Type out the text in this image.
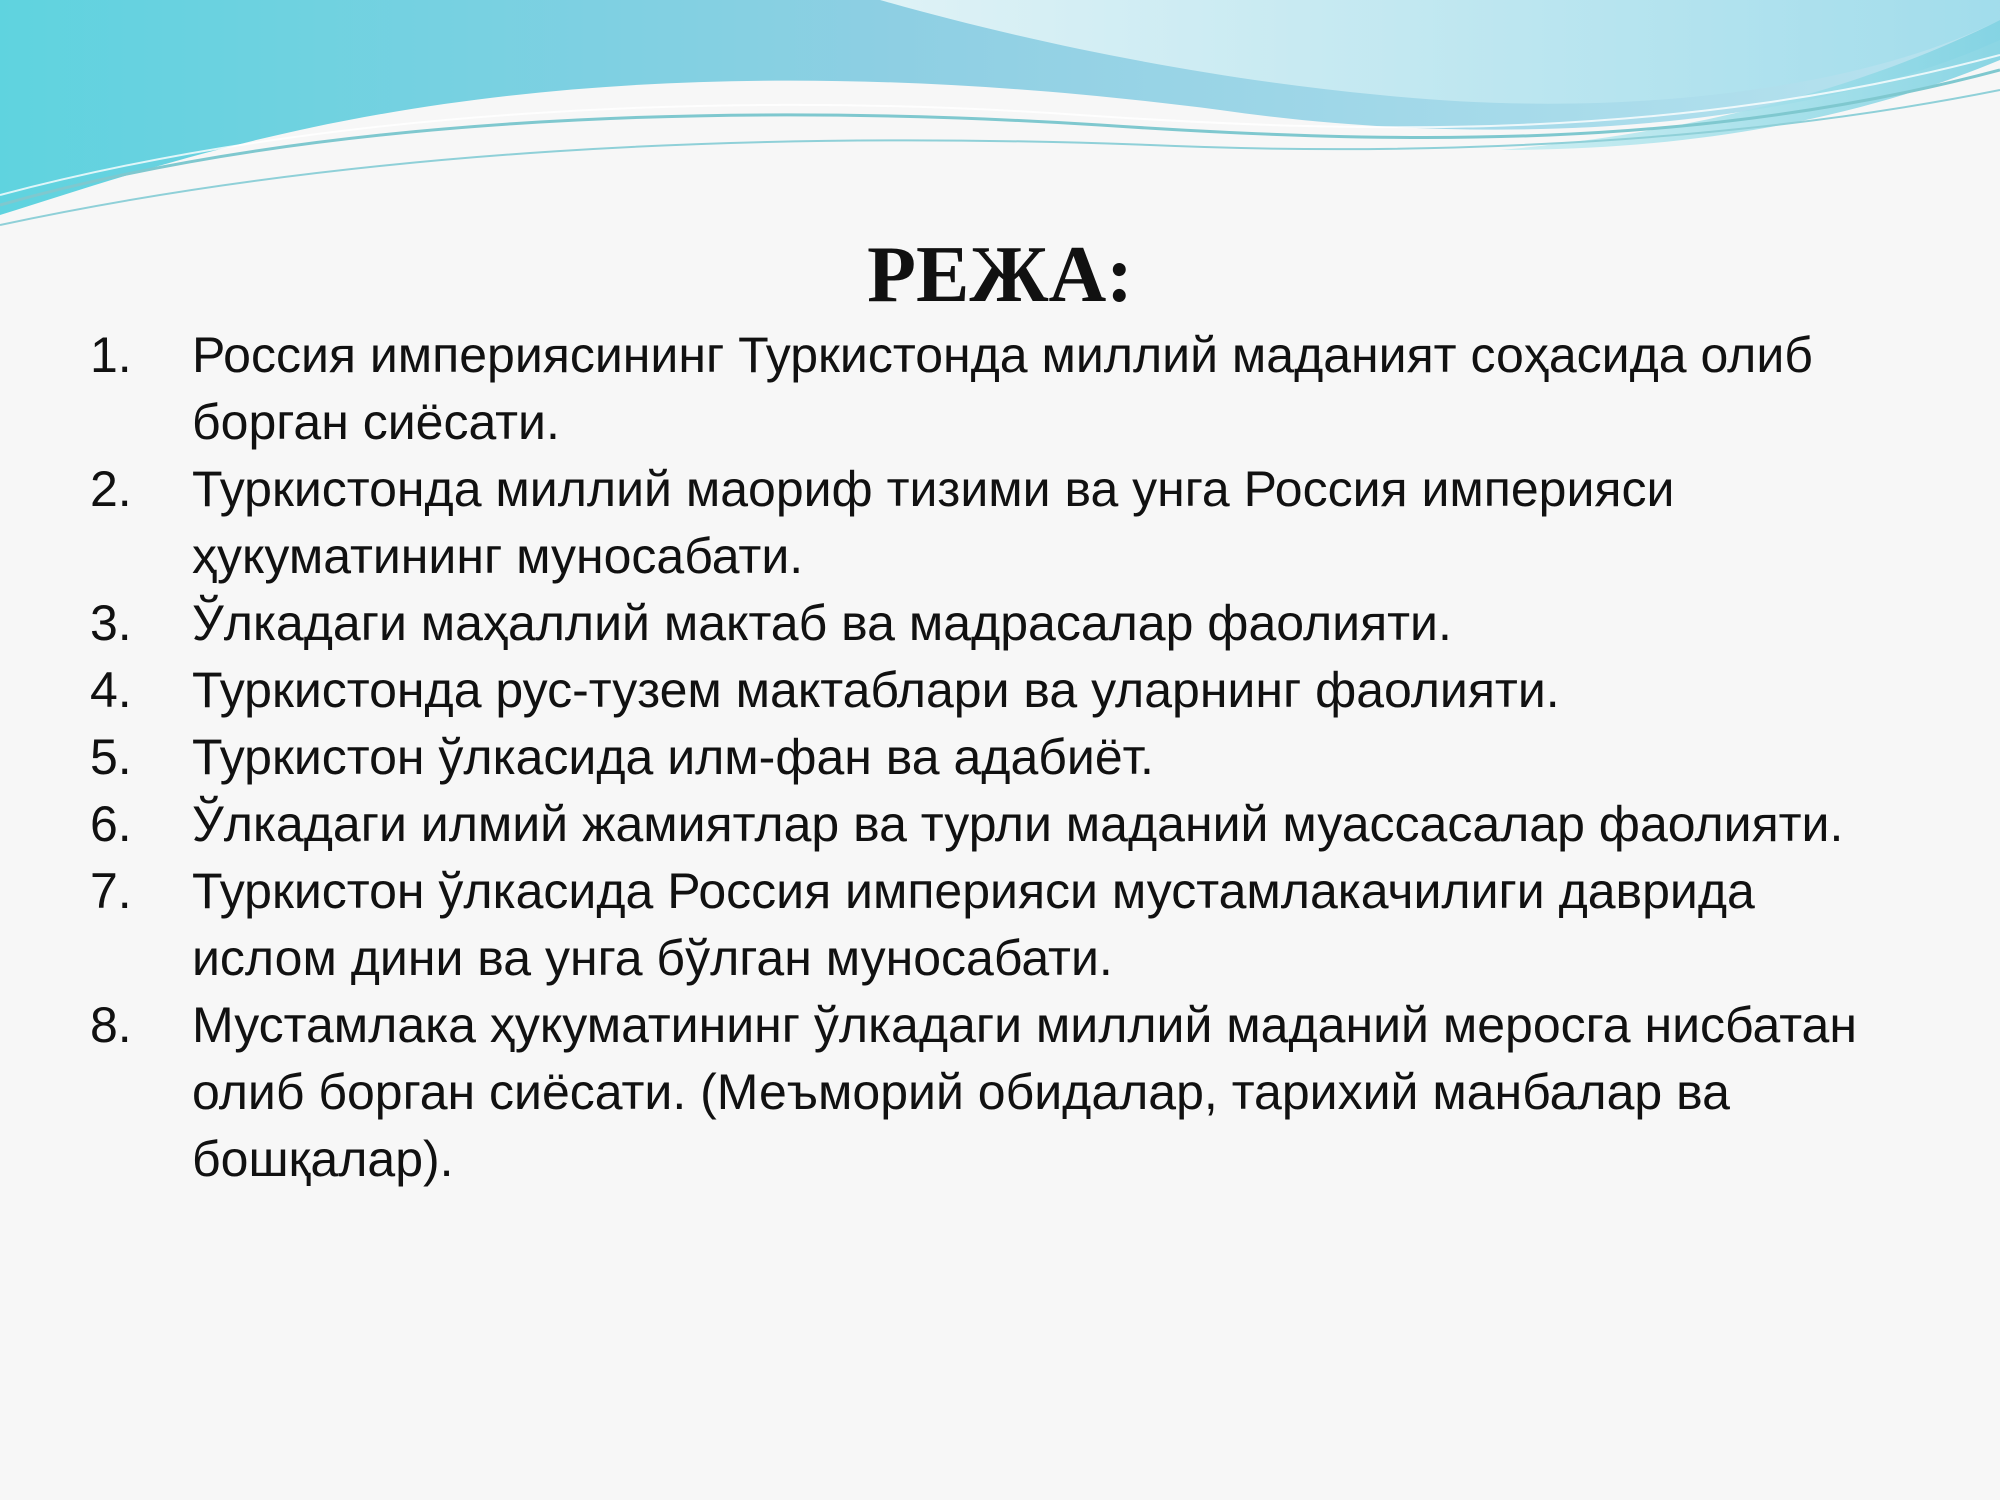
РЕЖА:
1.	Россия империясининг Туркистонда миллий маданият соҳасида олиб борган сиёсати.
2.	Туркистонда миллий маориф тизими ва унга Россия империяси ҳукуматининг муносабати.
3.	Ўлкадаги маҳаллий мактаб ва мадрасалар фаолияти.
4.	Туркистонда рус-тузем мактаблари ва уларнинг фаолияти.
5.	Туркистон ўлкасида илм-фан ва адабиёт.
6.	Ўлкадаги илмий жамиятлар ва турли маданий муассасалар фаолияти.
7.	Туркистон ўлкасида Россия империяси мустамлакачилиги даврида ислом дини ва унга бўлган муносабати.
8.	Мустамлака ҳукуматининг ўлкадаги миллий маданий меросга нисбатан олиб борган сиёсати. (Меъморий обидалар, тарихий манбалар ва бошқалар).
